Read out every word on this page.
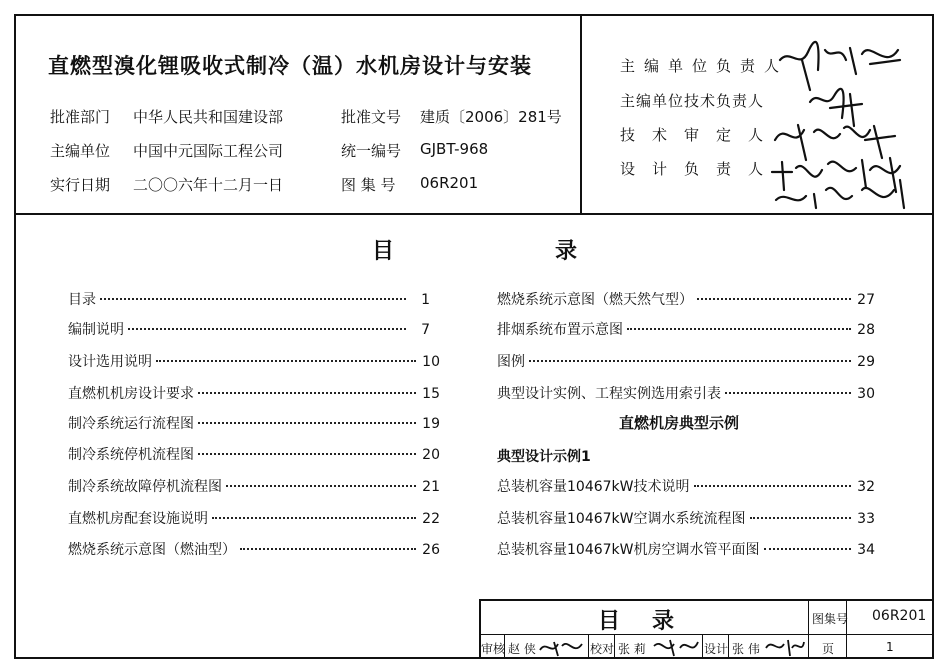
直燃型溴化锂吸收式制冷（温）水机房设计与安装
批准部门 中华人民共和国建设部	批准文号 建质〔2006〕281号
主编单位 中国中元国际工程公司	统一编号 GJBT-968
实行日期 二〇〇六年十二月一日	图 集 号 06R201
主编单位负责人
主编单位技术负责人
技术审定人
设计负责人
目	录
目录	1
编制说明	7
设计选用说明	10
直燃机机房设计要求	15
制冷系统运行流程图	19
制冷系统停机流程图	20
制冷系统故障停机流程图	21
直燃机房配套设施说明	22
燃烧系统示意图（燃油型）	26
燃烧系统示意图（燃天然气型）	27
排烟系统布置示意图	28
图例	29
典型设计实例、工程实例选用索引表	30
直燃机房典型示例
典型设计示例1
总装机容量10467kW技术说明	32
总装机容量10467kW空调水系统流程图	33
总装机容量10467kW机房空调水管平面图	34
目 录	图集号 06R201
审核 赵 侠	校对 张 莉	设计 张 伟	页	1
